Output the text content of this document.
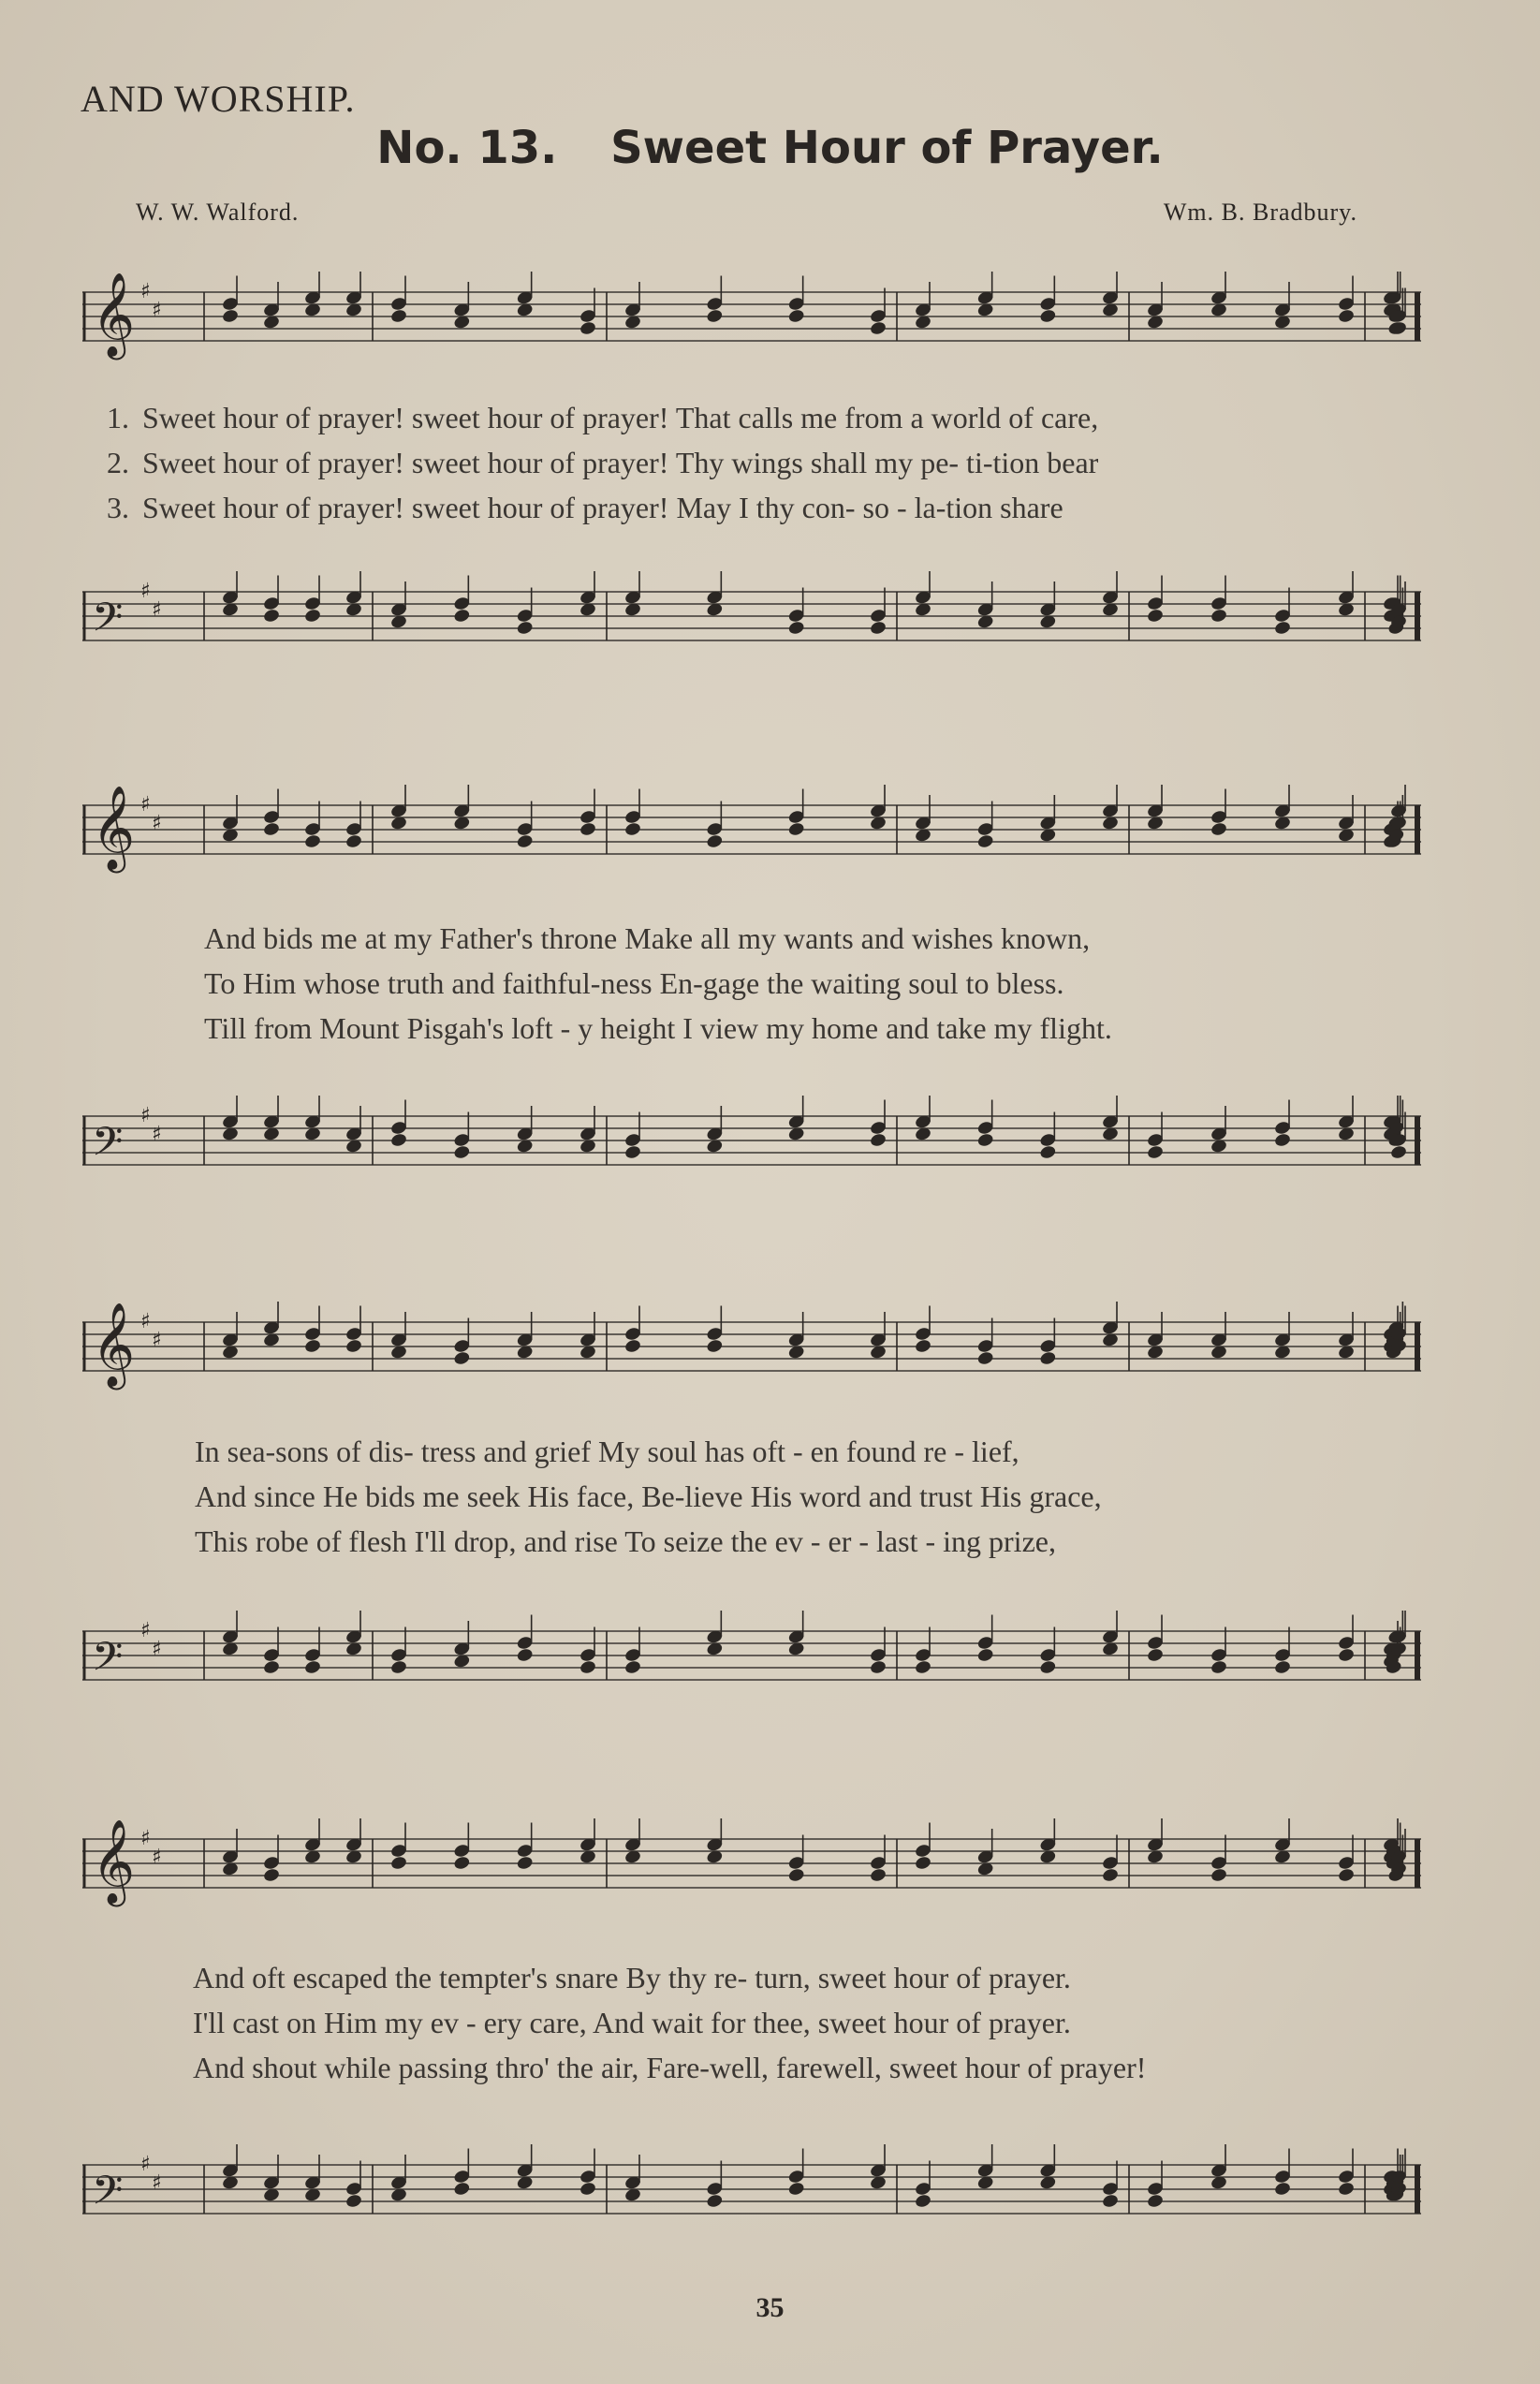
AND WORSHIP.
No. 13. Sweet Hour of Prayer.
W. W. Walford.	Wm. B. Bradbury.
𝄞 ♯
♯
1. Sweet hour of prayer! sweet hour of prayer! That calls me from a world of care,
2. Sweet hour of prayer! sweet hour of prayer! Thy wings shall my pe- ti-tion bear
3. Sweet hour of prayer! sweet hour of prayer! May I thy con- so - la-tion share
𝄢
♯
♯
𝄞 ♯
♯
And bids me at my Father's throne Make all my wants and wishes known,
To Him whose truth and faithful-ness En-gage the waiting soul to bless.
Till from Mount Pisgah's loft - y height I view my home and take my flight.
𝄢
♯
♯
𝄞 ♯
♯
In sea-sons of dis- tress and grief My soul has oft - en found re - lief,
And since He bids me seek His face, Be-lieve His word and trust His grace,
This robe of flesh I'll drop, and rise To seize the ev - er - last - ing prize,
𝄢
♯
♯
𝄞 ♯
♯
And oft escaped the tempter's snare By thy re- turn, sweet hour of prayer.
I'll cast on Him my ev - ery care, And wait for thee, sweet hour of prayer.
And shout while passing thro' the air, Fare-well, farewell, sweet hour of prayer!
𝄢
♯
♯
35
